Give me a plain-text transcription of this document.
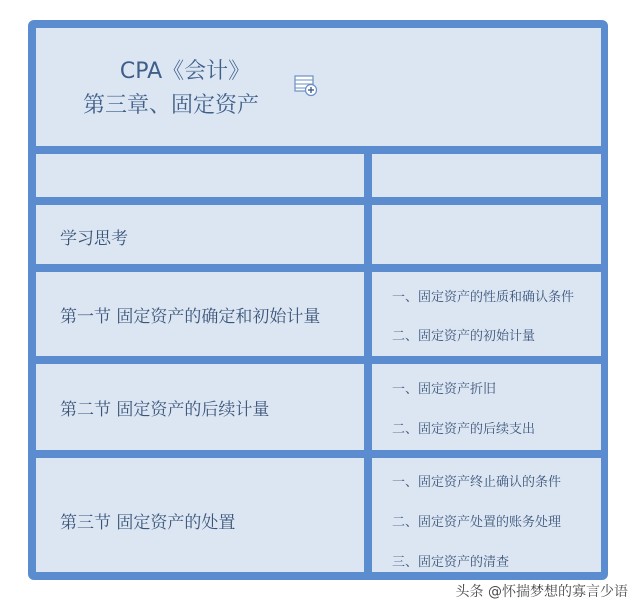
CPA《会计》
第三章、固定资产
学习思考
第一节 固定资产的确定和初始计量
一、固定资产的性质和确认条件
二、固定资产的初始计量
第二节 固定资产的后续计量
一、固定资产折旧
二、固定资产的后续支出
第三节 固定资产的处置
一、固定资产终止确认的条件
二、固定资产处置的账务处理
三、固定资产的清查
头条 @怀揣梦想的寡言少语
